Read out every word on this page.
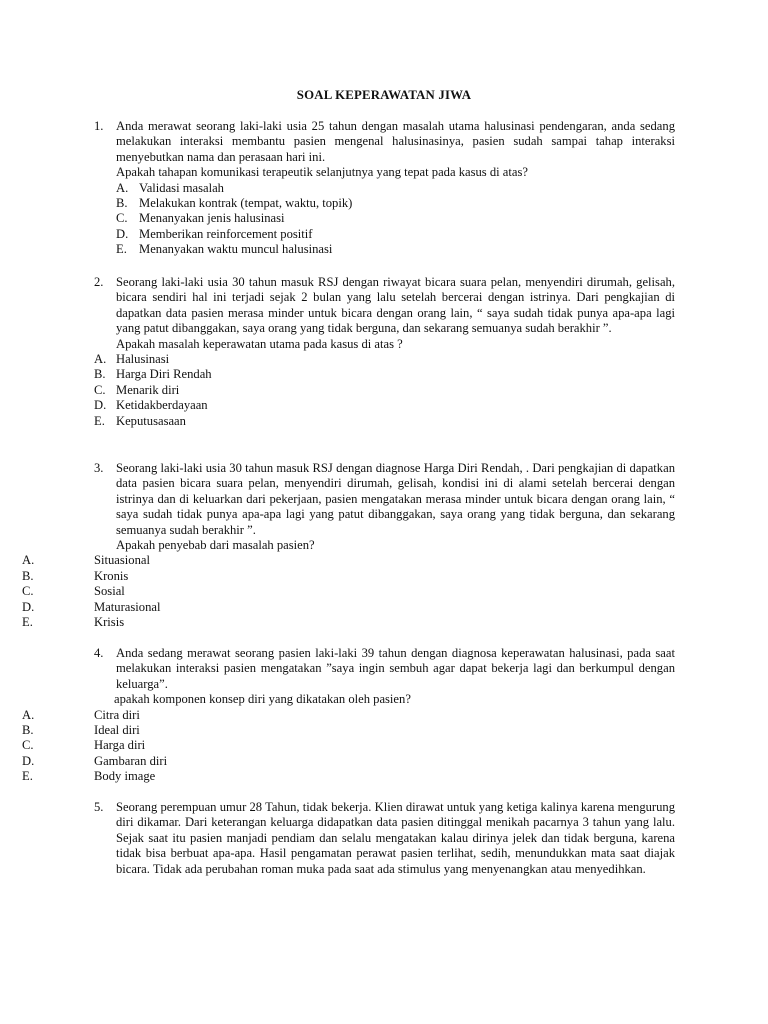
SOAL KEPERAWATAN JIWA
1. Anda merawat seorang laki-laki usia 25 tahun dengan masalah utama halusinasi pendengaran, anda sedang melakukan interaksi membantu pasien mengenal halusinasinya, pasien sudah sampai tahap interaksi menyebutkan nama dan perasaan hari ini.
Apakah tahapan komunikasi terapeutik selanjutnya yang tepat pada kasus di atas?
A. Validasi masalah
B. Melakukan kontrak (tempat, waktu, topik)
C. Menanyakan jenis halusinasi
D. Memberikan reinforcement positif
E. Menanyakan waktu muncul halusinasi
2. Seorang laki-laki usia 30 tahun masuk RSJ dengan riwayat bicara suara pelan, menyendiri dirumah, gelisah, bicara sendiri hal ini terjadi sejak 2 bulan yang lalu setelah bercerai dengan istrinya. Dari pengkajian di dapatkan data pasien merasa minder untuk bicara dengan orang lain, “ saya sudah tidak punya apa-apa lagi yang patut dibanggakan, saya orang yang tidak berguna, dan sekarang semuanya sudah berakhir ”.
Apakah masalah keperawatan utama pada kasus di atas ?
A. Halusinasi
B. Harga Diri Rendah
C. Menarik diri
D. Ketidakberdayaan
E. Keputusasaan
3. Seorang laki-laki usia 30 tahun masuk RSJ dengan diagnose Harga Diri Rendah, . Dari pengkajian di dapatkan data pasien bicara suara pelan, menyendiri dirumah, gelisah, kondisi ini di alami setelah bercerai dengan istrinya dan di keluarkan dari pekerjaan, pasien mengatakan merasa minder untuk bicara dengan orang lain, “ saya sudah tidak punya apa-apa lagi yang patut dibanggakan, saya orang yang tidak berguna, dan sekarang semuanya sudah berakhir ”.
Apakah penyebab dari masalah pasien?
A.	Situasional
B.	Kronis
C.	Sosial
D.	Maturasional
E.	Krisis
4. Anda sedang merawat seorang pasien laki-laki 39 tahun dengan diagnosa keperawatan halusinasi, pada saat melakukan interaksi pasien mengatakan ”saya ingin sembuh agar dapat bekerja lagi dan berkumpul dengan keluarga”.
apakah komponen konsep diri yang dikatakan oleh pasien?
A.	Citra diri
B.	Ideal diri
C.	Harga diri
D.	Gambaran diri
E.	Body image
5. Seorang perempuan umur 28 Tahun, tidak bekerja. Klien dirawat untuk yang ketiga kalinya karena mengurung diri dikamar. Dari keterangan keluarga didapatkan data pasien ditinggal menikah pacarnya 3 tahun yang lalu. Sejak saat itu pasien manjadi pendiam dan selalu mengatakan kalau dirinya jelek dan tidak berguna, karena tidak bisa berbuat apa-apa. Hasil pengamatan perawat pasien terlihat, sedih, menundukkan mata saat diajak bicara. Tidak ada perubahan roman muka pada saat ada stimulus yang menyenangkan atau menyedihkan.
